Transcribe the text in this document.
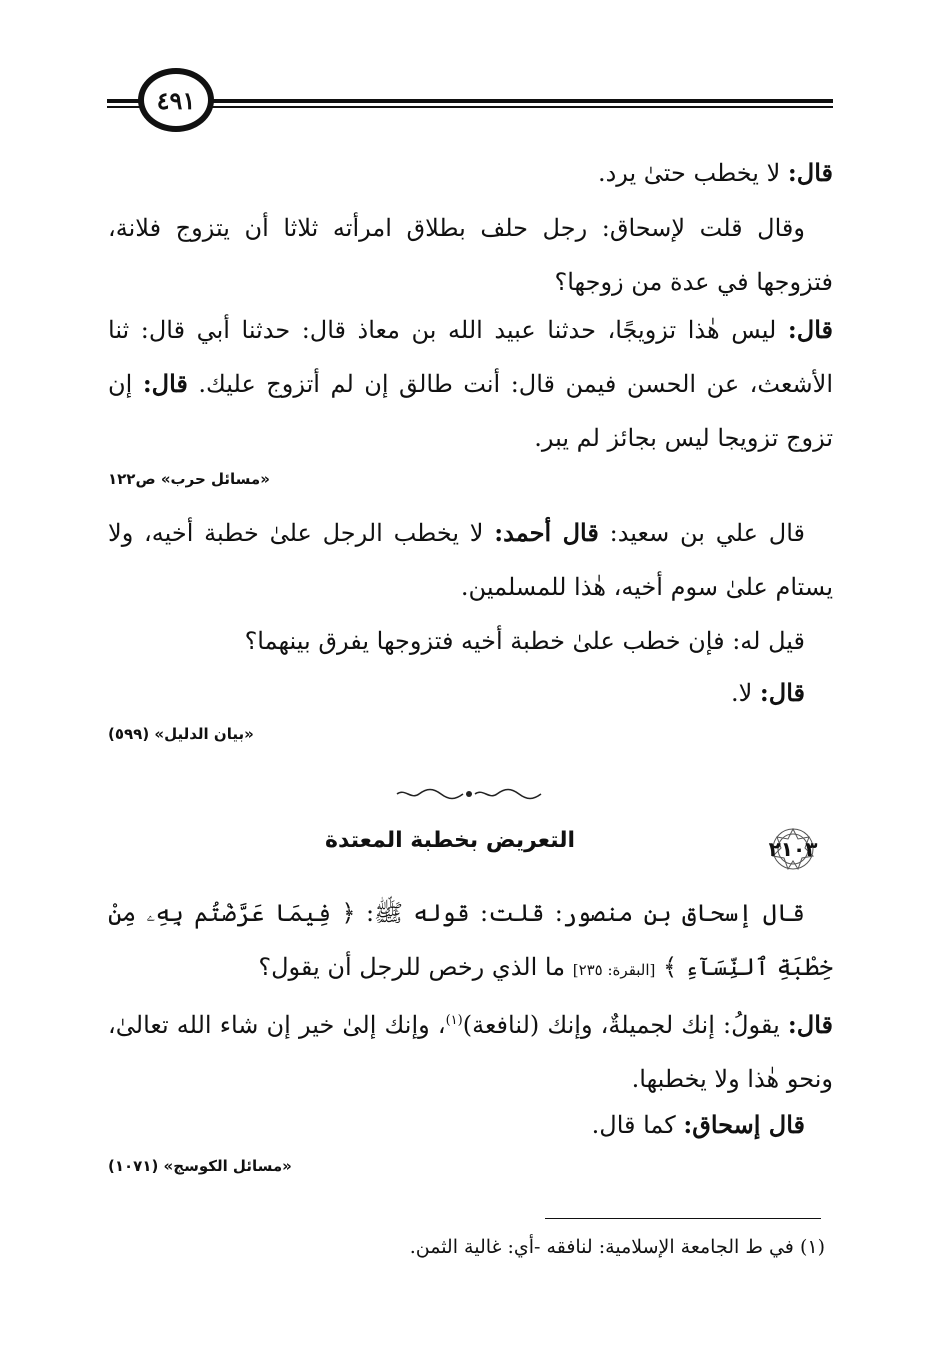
٤٩١

قال: لا يخطب حتىٰ يرد.

وقال قلت لإسحاق: رجل حلف بطلاق امرأته ثلاثا أن يتزوج فلانة، فتزوجها في عدة من زوجها؟

قال: ليس هٰذا تزويجًا، حدثنا عبيد الله بن معاذ قال: حدثنا أبي قال: ثنا الأشعث، عن الحسن فيمن قال: أنت طالق إن لم أتزوج عليك. قال: إن تزوج تزويجا ليس بجائز لم يبر.

«مسائل حرب» ص١٢٢

قال علي بن سعيد: قال أحمد: لا يخطب الرجل علىٰ خطبة أخيه، ولا يستام علىٰ سوم أخيه، هٰذا للمسلمين.

قيل له: فإن خطب علىٰ خطبة أخيه فتزوجها يفرق بينهما؟

قال: لا.

«بيان الدليل» (٥٩٩)
٢١٠٣
التعريض بخطبة المعتدة

قال إسحاق بن منصور: قلت: قوله ﷺ: ﴿ فِيمَا عَرَّضْتُم بِهِۦ مِنْ خِطْبَةِ ٱلنِّسَآءِ ﴾ [البقرة: ٢٣٥] ما الذي رخص للرجل أن يقول؟

قال: يقولُ: إنك لجميلةٌ، وإنك (لنافعة)$^{(١)}$، وإنك إلىٰ خير إن شاء الله تعالىٰ، ونحو هٰذا ولا يخطبها.

قال إسحاق: كما قال.

«مسائل الكوسج» (١٠٧١)
(١) في ط الجامعة الإسلامية: لنافقه -أي: غالية الثمن.
